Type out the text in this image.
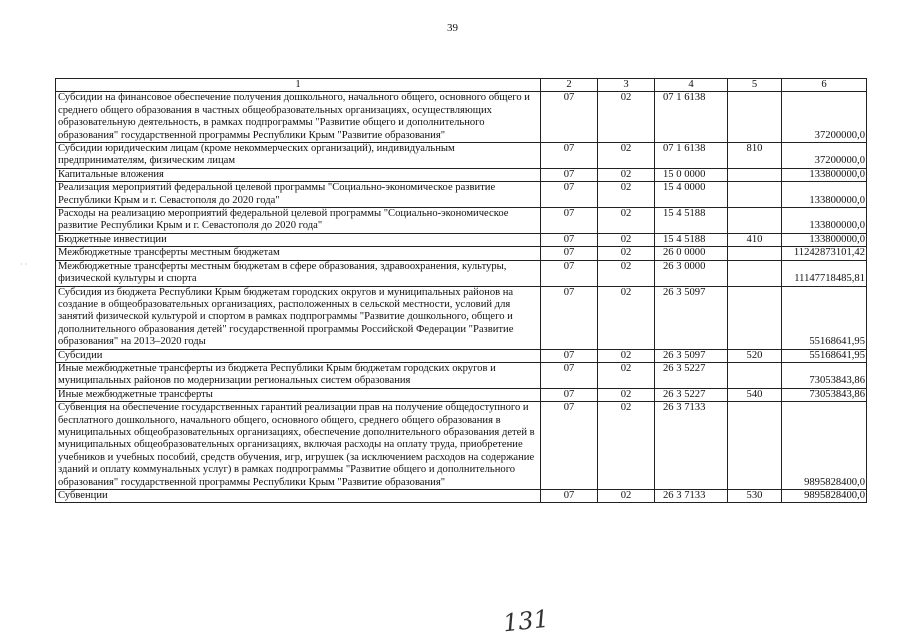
39
1	2	3	4	5	6
Субсидии на финансовое обеспечение получения дошкольного, начального общего, основного общего и среднего общего образования в частных общеобразовательных организациях, осуществляющих образовательную деятельность, в рамках подпрограммы "Развитие общего и дополнительного образования" государственной программы Республики Крым "Развитие образования"	07	02	07 1 6138		37200000,0
Субсидии юридическим лицам (кроме некоммерческих организаций), индивидуальным предпринимателям, физическим лицам	07	02	07 1 6138	810	37200000,0
Капитальные вложения	07	02	15 0 0000		133800000,0
Реализация мероприятий федеральной целевой программы "Социально-экономическое развитие Республики Крым и г. Севастополя до 2020 года"	07	02	15 4 0000		133800000,0
Расходы на реализацию мероприятий федеральной целевой программы "Социально-экономическое развитие Республики Крым и г. Севастополя до 2020 года"	07	02	15 4 5188		133800000,0
Бюджетные инвестиции	07	02	15 4 5188	410	133800000,0
Межбюджетные трансферты местным бюджетам	07	02	26 0 0000		11242873101,42
Межбюджетные трансферты местным бюджетам в сфере образования, здравоохранения, культуры, физической культуры и спорта	07	02	26 3 0000		11147718485,81
Субсидия из бюджета Республики Крым бюджетам городских округов и муниципальных районов на создание в общеобразовательных организациях, расположенных в сельской местности, условий для занятий физической культурой и спортом в рамках подпрограммы "Развитие дошкольного, общего и дополнительного образования детей" государственной программы Российской Федерации "Развитие образования" на 2013–2020 годы	07	02	26 3 5097		55168641,95
Субсидии	07	02	26 3 5097	520	55168641,95
Иные межбюджетные трансферты из бюджета Республики Крым бюджетам городских округов и муниципальных районов по модернизации региональных систем образования	07	02	26 3 5227		73053843,86
Иные межбюджетные трансферты	07	02	26 3 5227	540	73053843,86
Субвенция на обеспечение государственных гарантий реализации прав на получение общедоступного и бесплатного дошкольного, начального общего, основного общего, среднего общего образования в муниципальных общеобразовательных организациях, обеспечение дополнительного образования детей в муниципальных общеобразовательных организациях, включая расходы на оплату труда, приобретение учебников и учебных пособий, средств обучения, игр, игрушек (за исключением расходов на содержание зданий и оплату коммунальных услуг) в рамках подпрограммы "Развитие общего и дополнительного образования" государственной программы Республики Крым "Развитие образования"	07	02	26 3 7133		9895828400,0
Субвенции	07	02	26 3 7133	530	9895828400,0
· ·
131
